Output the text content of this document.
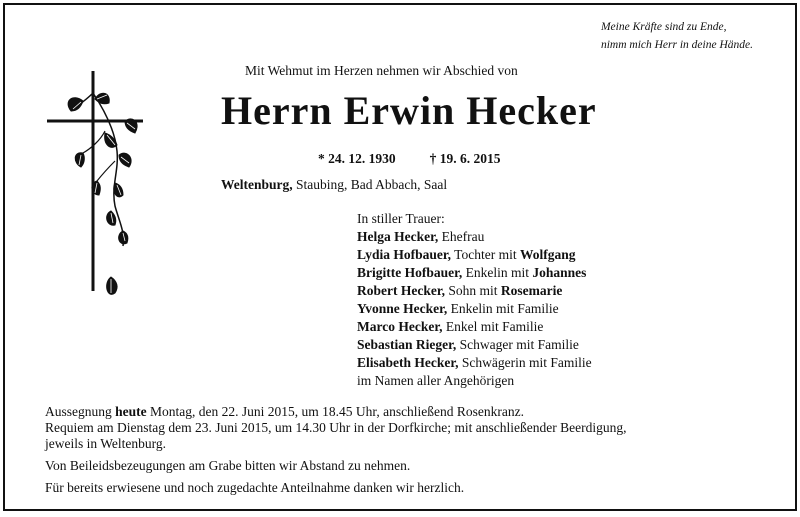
Meine Kräfte sind zu Ende,
nimm mich Herr in deine Hände.
Mit Wehmut im Herzen nehmen wir Abschied von
Herrn Erwin Hecker
* 24. 12. 1930	† 19. 6. 2015
Weltenburg, Staubing, Bad Abbach, Saal
In stiller Trauer:
Helga Hecker, Ehefrau
Lydia Hofbauer, Tochter mit Wolfgang
Brigitte Hofbauer, Enkelin mit Johannes
Robert Hecker, Sohn mit Rosemarie
Yvonne Hecker, Enkelin mit Familie
Marco Hecker, Enkel mit Familie
Sebastian Rieger, Schwager mit Familie
Elisabeth Hecker, Schwägerin mit Familie
im Namen aller Angehörigen

Aussegnung heute Montag, den 22. Juni 2015, um 18.45 Uhr, anschließend Rosenkranz.

Requiem am Dienstag dem 23. Juni 2015, um 14.30 Uhr in der Dorfkirche; mit anschließender Beerdigung,

jeweils in Weltenburg.

Von Beileidsbezeugungen am Grabe bitten wir Abstand zu nehmen.

Für bereits erwiesene und noch zugedachte Anteilnahme danken wir herzlich.
